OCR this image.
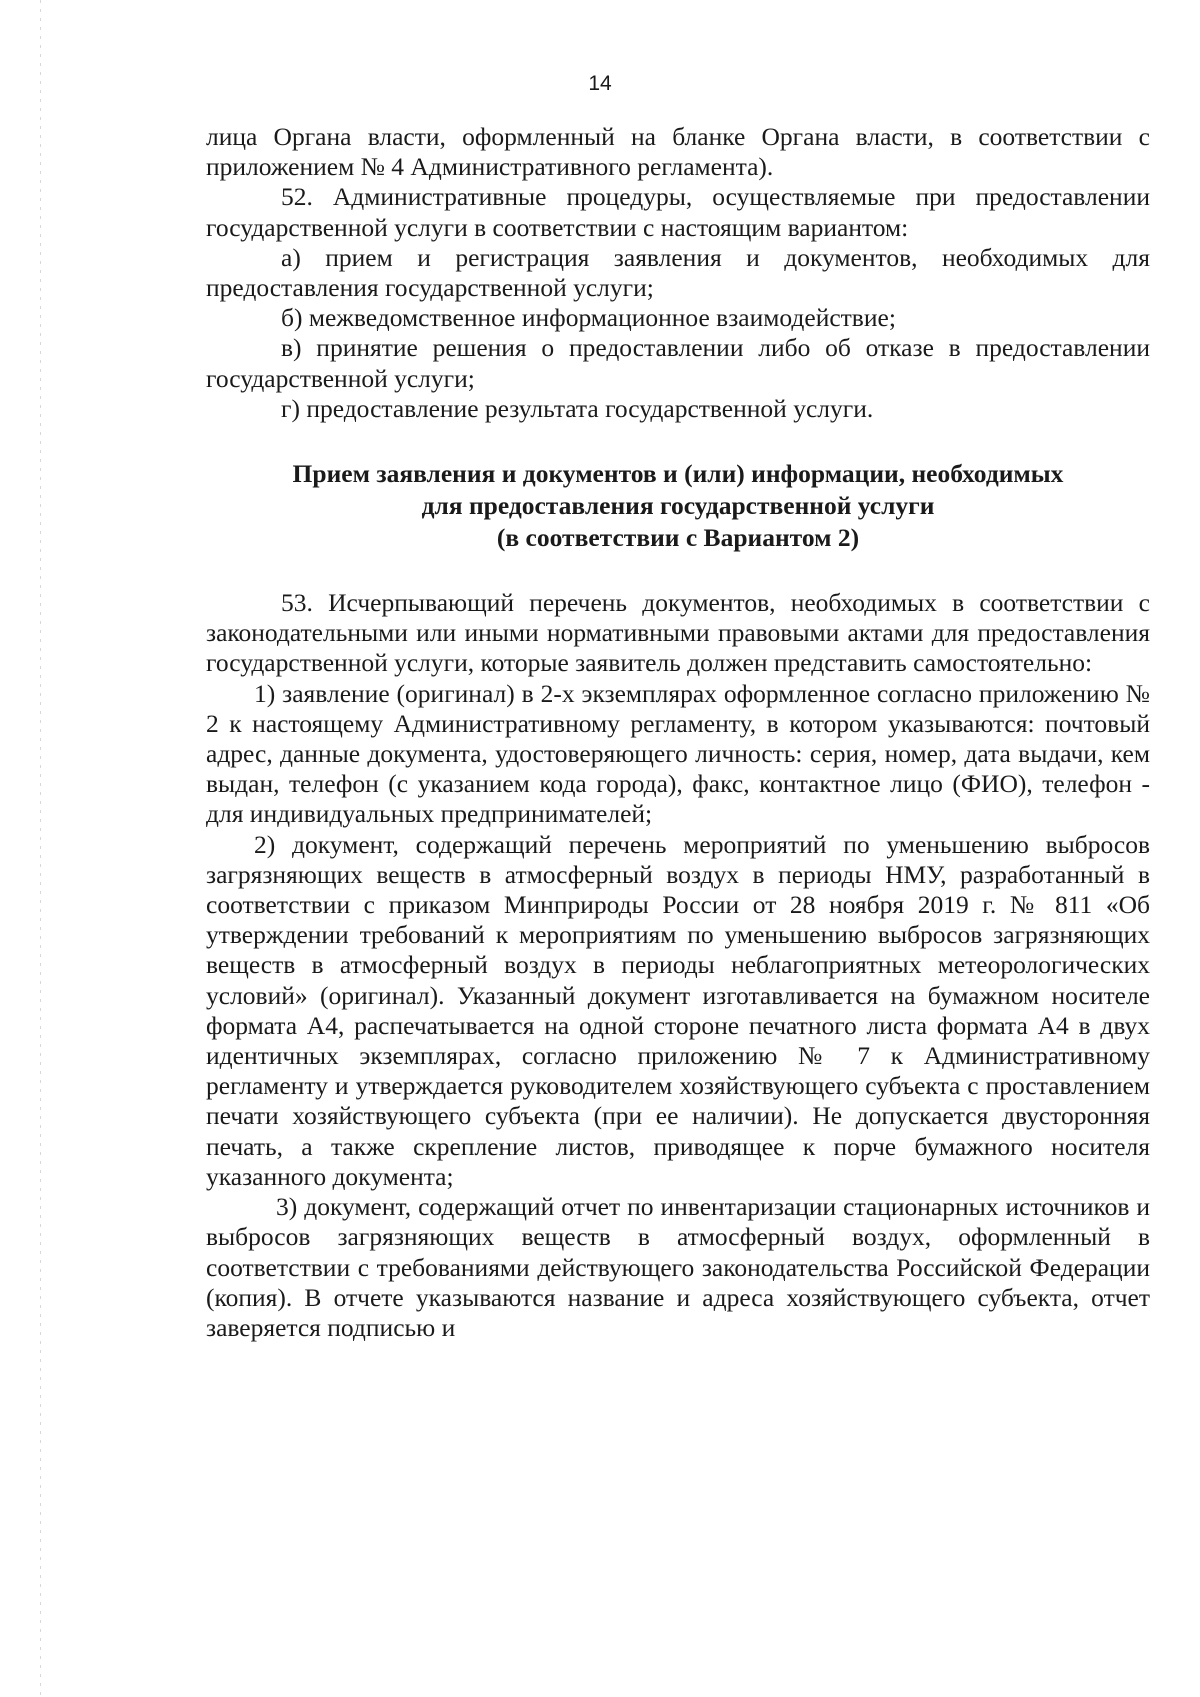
14

лица Органа власти, оформленный на бланке Органа власти, в соответствии с приложением № 4 Административного регламента).

52. Административные процедуры, осуществляемые при предоставлении государственной услуги в соответствии с настоящим вариантом:

а) прием и регистрация заявления и документов, необходимых для предоставления государственной услуги;

б) межведомственное информационное взаимодействие;

в) принятие решения о предоставлении либо об отказе в предоставлении государственной услуги;

г) предоставление результата государственной услуги.

Прием заявления и документов и (или) информации, необходимых
для предоставления государственной услуги
(в соответствии с Вариантом 2)

53. Исчерпывающий перечень документов, необходимых в соответствии с законодательными или иными нормативными правовыми актами для предоставления государственной услуги, которые заявитель должен представить самостоятельно:

1) заявление (оригинал) в 2-х экземплярах оформленное согласно приложению № 2 к настоящему Административному регламенту, в котором указываются: почтовый адрес, данные документа, удостоверяющего личность: серия, номер, дата выдачи, кем выдан, телефон (с указанием кода города), факс, контактное лицо (ФИО), телефон - для индивидуальных предпринимателей;

2) документ, содержащий перечень мероприятий по уменьшению выбросов загрязняющих веществ в атмосферный воздух в периоды НМУ, разработанный в соответствии с приказом Минприроды России от 28 ноября 2019 г. № 811 «Об утверждении требований к мероприятиям по уменьшению выбросов загрязняющих веществ в атмосферный воздух в периоды неблагоприятных метеорологических условий» (оригинал). Указанный документ изготавливается на бумажном носителе формата А4, распечатывается на одной стороне печатного листа формата А4 в двух идентичных экземплярах, согласно приложению № 7 к Административному регламенту и утверждается руководителем хозяйствующего субъекта с проставлением печати хозяйствующего субъекта (при ее наличии). Не допускается двусторонняя печать, а также скрепление листов, приводящее к порче бумажного носителя указанного документа;

3) документ, содержащий отчет по инвентаризации стационарных источников и выбросов загрязняющих веществ в атмосферный воздух, оформленный в соответствии с требованиями действующего законодательства Российской Федерации (копия). В отчете указываются название и адреса хозяйствующего субъекта, отчет заверяется подписью и
